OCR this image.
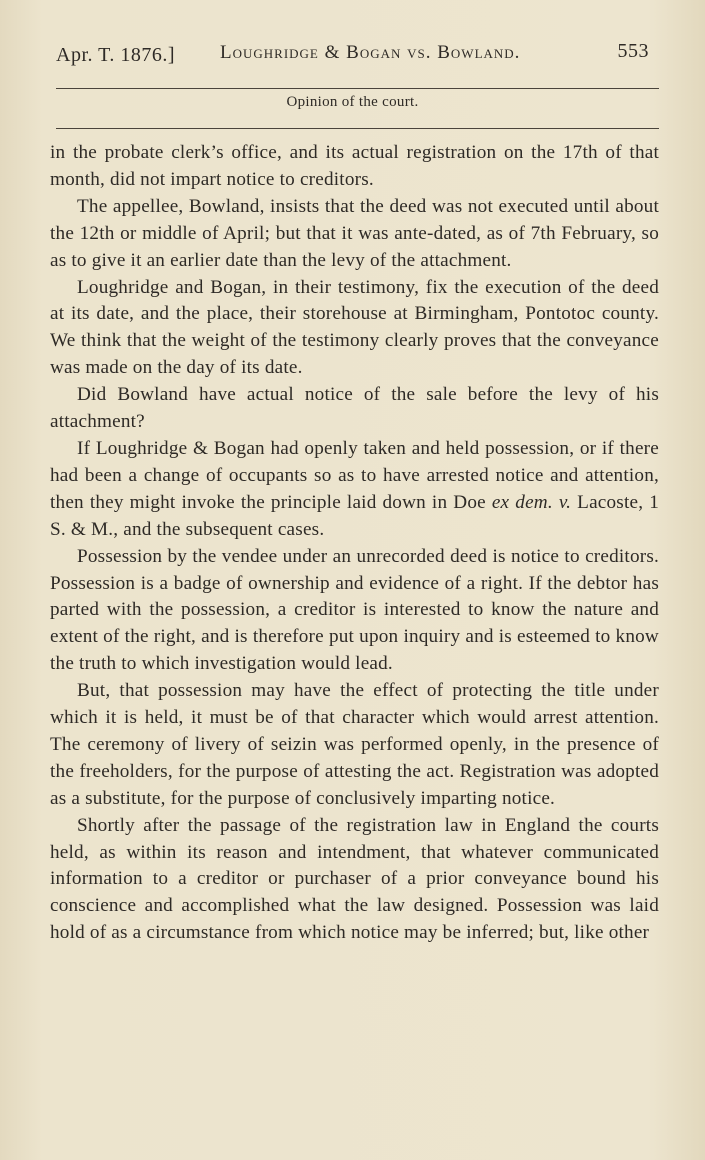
Apr. T. 1876.] Loughridge & Bogan vs. Bowland.	553
Opinion of the court.

in the probate clerk’s office, and its actual registration on the 17th of that month, did not impart notice to creditors.

The appellee, Bowland, insists that the deed was not executed until about the 12th or middle of April; but that it was ante-dated, as of 7th February, so as to give it an earlier date than the levy of the attachment.

Loughridge and Bogan, in their testimony, fix the execution of the deed at its date, and the place, their storehouse at Birmingham, Pontotoc county. We think that the weight of the testimony clearly proves that the conveyance was made on the day of its date.

Did Bowland have actual notice of the sale before the levy of his attachment?

If Loughridge & Bogan had openly taken and held possession, or if there had been a change of occupants so as to have arrested notice and attention, then they might invoke the principle laid down in Doe ex dem. v. Lacoste, 1 S. & M., and the subsequent cases.

Possession by the vendee under an unrecorded deed is notice to creditors. Possession is a badge of ownership and evidence of a right. If the debtor has parted with the possession, a creditor is interested to know the nature and extent of the right, and is therefore put upon inquiry and is esteemed to know the truth to which investigation would lead.

But, that possession may have the effect of protecting the title under which it is held, it must be of that character which would arrest attention. The ceremony of livery of seizin was performed openly, in the presence of the freeholders, for the purpose of attesting the act. Registration was adopted as a substitute, for the purpose of conclusively imparting notice.

Shortly after the passage of the registration law in England the courts held, as within its reason and intendment, that whatever communicated information to a creditor or purchaser of a prior conveyance bound his conscience and accomplished what the law designed. Possession was laid hold of as a circumstance from which notice may be inferred; but, like other
